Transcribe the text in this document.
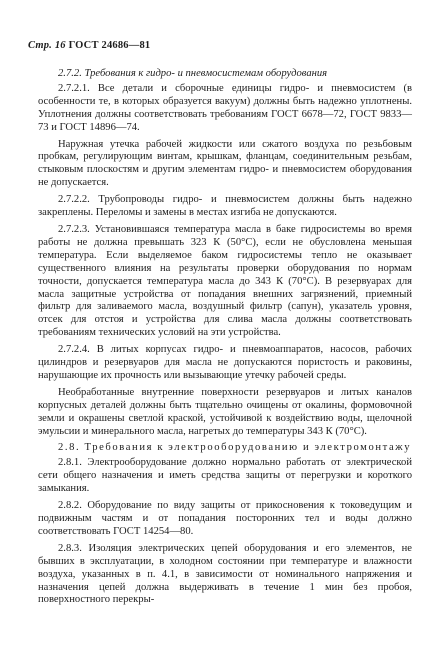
Стр. 16 ГОСТ 24686—81

2.7.2. Требования к гидро- и пневмосистемам оборудования

2.7.2.1. Все детали и сборочные единицы гидро- и пневмосистем (в особенности те, в которых образуется вакуум) должны быть надежно уплотнены. Уплотнения должны соответствовать требованиям ГОСТ 6678—72, ГОСТ 9833—73 и ГОСТ 14896—74.

Наружная утечка рабочей жидкости или сжатого воздуха по резьбовым пробкам, регулирующим винтам, крышкам, фланцам, соединительным резьбам, стыковым плоскостям и другим элементам гидро- и пневмосистем оборудования не допускается.

2.7.2.2. Трубопроводы гидро- и пневмосистем должны быть надежно закреплены. Переломы и замены в местах изгиба не допускаются.

2.7.2.3. Установившаяся температура масла в баке гидросистемы во время работы не должна превышать 323 К (50°С), если не обусловлена меньшая температура. Если выделяемое баком гидросистемы тепло не оказывает существенного влияния на результаты проверки оборудования по нормам точности, допускается температура масла до 343 К (70°С). В резервуарах для масла защитные устройства от попадания внешних загрязнений, приемный фильтр для заливаемого масла, воздушный фильтр (сапун), указатель уровня, отсек для отстоя и устройства для слива масла должны соответствовать требованиям технических условий на эти устройства.

2.7.2.4. В литых корпусах гидро- и пневмоаппаратов, насосов, рабочих цилиндров и резервуаров для масла не допускаются пористость и раковины, нарушающие их прочность или вызывающие утечку рабочей среды.

Необработанные внутренние поверхности резервуаров и литых каналов корпусных деталей должны быть тщательно очищены от окалины, формовочной земли и окрашены светлой краской, устойчивой к воздействию воды, щелочной эмульсии и минерального масла, нагретых до температуры 343 К (70°С).

2.8. Требования к электрооборудованию и электромонтажу

2.8.1. Электрооборудование должно нормально работать от электрической сети общего назначения и иметь средства защиты от перегрузки и короткого замыкания.

2.8.2. Оборудование по виду защиты от прикосновения к токоведущим и подвижным частям и от попадания посторонних тел и воды должно соответствовать ГОСТ 14254—80.

2.8.3. Изоляция электрических цепей оборудования и его элементов, не бывших в эксплуатации, в холодном состоянии при температуре и влажности воздуха, указанных в п. 4.1, в зависимости от номинального напряжения и назначения цепей должна выдерживать в течение 1 мин без пробоя, поверхностного перекры-
